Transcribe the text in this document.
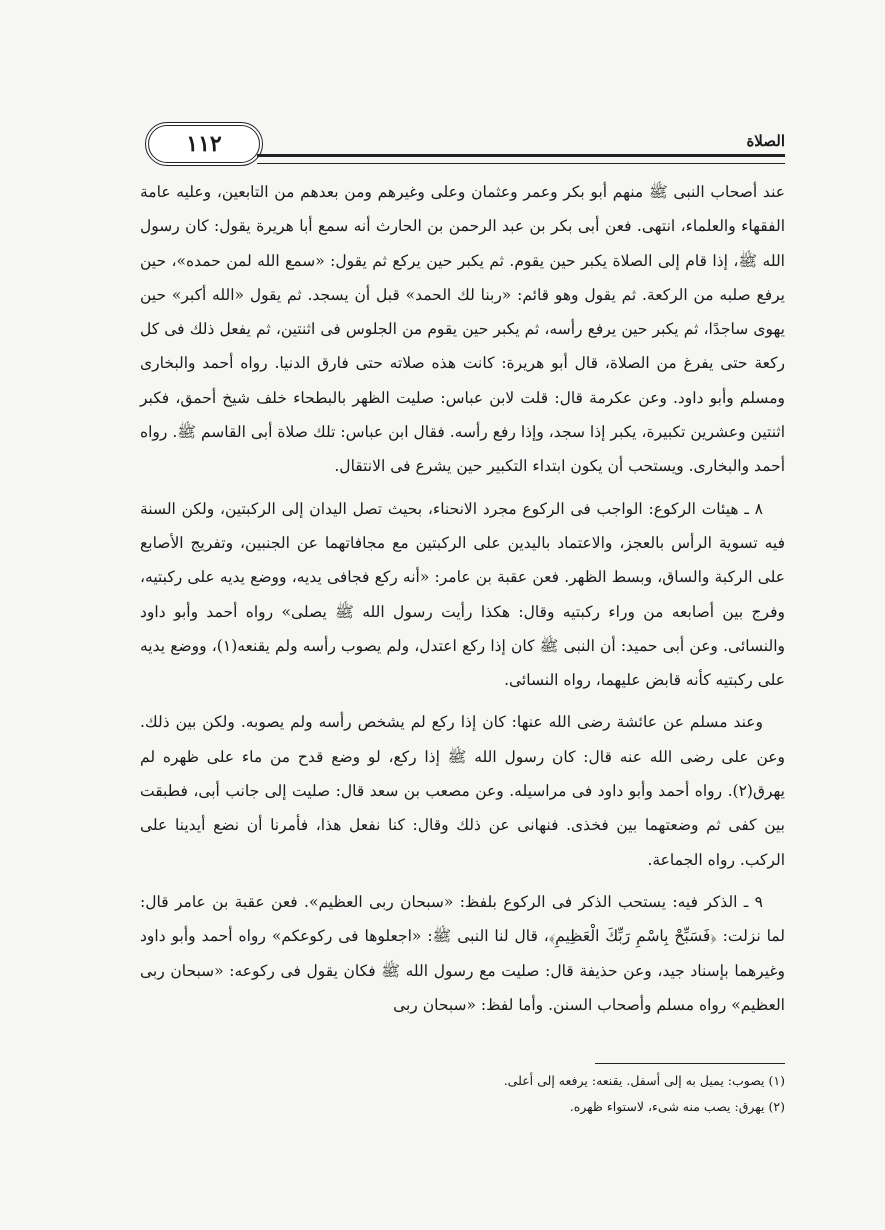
١١٢	الصلاة

عند أصحاب النبى ﷺ منهم أبو بكر وعمر وعثمان وعلى وغيرهم ومن بعدهم من التابعين، وعليه عامة الفقهاء والعلماء، انتهى. فعن أبى بكر بن عبد الرحمن بن الحارث أنه سمع أبا هريرة يقول: كان رسول الله ﷺ، إذا قام إلى الصلاة يكبر حين يقوم. ثم يكبر حين يركع ثم يقول: «سمع الله لمن حمده»، حين يرفع صلبه من الركعة. ثم يقول وهو قائم: «ربنا لك الحمد» قبل أن يسجد. ثم يقول «الله أكبر» حين يهوى ساجدًا، ثم يكبر حين يرفع رأسه، ثم يكبر حين يقوم من الجلوس فى اثنتين، ثم يفعل ذلك فى كل ركعة حتى يفرغ من الصلاة، قال أبو هريرة: كانت هذه صلاته حتى فارق الدنيا. رواه أحمد والبخارى ومسلم وأبو داود. وعن عكرمة قال: قلت لابن عباس: صليت الظهر بالبطحاء خلف شيخ أحمق، فكبر اثنتين وعشرين تكبيرة، يكبر إذا سجد، وإذا رفع رأسه. فقال ابن عباس: تلك صلاة أبى القاسم ﷺ. رواه أحمد والبخارى. ويستحب أن يكون ابتداء التكبير حين يشرع فى الانتقال.

٨ ـ هيئات الركوع: الواجب فى الركوع مجرد الانحناء، بحيث تصل اليدان إلى الركبتين، ولكن السنة فيه تسوية الرأس بالعجز، والاعتماد باليدين على الركبتين مع مجافاتهما عن الجنبين، وتفريج الأصابع على الركبة والساق، وبسط الظهر. فعن عقبة بن عامر: «أنه ركع فجافى يديه، ووضع يديه على ركبتيه، وفرج بين أصابعه من وراء ركبتيه وقال: هكذا رأيت رسول الله ﷺ يصلى» رواه أحمد وأبو داود والنسائى. وعن أبى حميد: أن النبى ﷺ كان إذا ركع اعتدل، ولم يصوب رأسه ولم يقنعه(١)، ووضع يديه على ركبتيه كأنه قابض عليهما، رواه النسائى.

وعند مسلم عن عائشة رضى الله عنها: كان إذا ركع لم يشخص رأسه ولم يصوبه. ولكن بين ذلك. وعن على رضى الله عنه قال: كان رسول الله ﷺ إذا ركع، لو وضع قدح من ماء على ظهره لم يهرق(٢). رواه أحمد وأبو داود فى مراسيله. وعن مصعب بن سعد قال: صليت إلى جانب أبى، فطبقت بين كفى ثم وضعتهما بين فخذى. فنهانى عن ذلك وقال: كنا نفعل هذا، فأمرنا أن نضع أيدينا على الركب. رواه الجماعة.

٩ ـ الذكر فيه: يستحب الذكر فى الركوع بلفظ: «سبحان ربى العظيم». فعن عقبة بن عامر قال: لما نزلت: ﴿فَسَبِّحْ بِاسْمِ رَبِّكَ الْعَظِيمِ﴾، قال لنا النبى ﷺ: «اجعلوها فى ركوعكم» رواه أحمد وأبو داود وغيرهما بإسناد جيد، وعن حذيفة قال: صليت مع رسول الله ﷺ فكان يقول فى ركوعه: «سبحان ربى العظيم» رواه مسلم وأصحاب السنن. وأما لفظ: «سبحان ربى

(١) يصوب: يميل به إلى أسفل. يقنعه: يرفعه إلى أعلى.

(٢) يهرق: يصب منه شىء، لاستواء ظهره.
